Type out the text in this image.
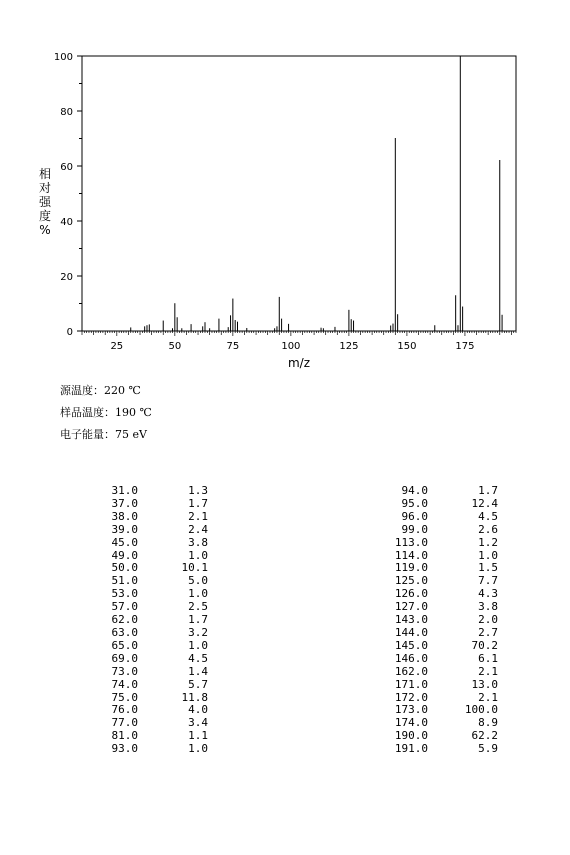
0
20
40
60
80
100
25	50	75	100	125	150	175
m/z
相
对
强
度
%
源温度：220 ℃
样品温度：190 ℃
电子能量：75 eV
31.0	1.3
37.0	1.7
38.0	2.1
39.0	2.4
45.0	3.8
49.0	1.0
50.0	10.1
51.0	5.0
53.0	1.0
57.0	2.5
62.0	1.7
63.0	3.2
65.0	1.0
69.0	4.5
73.0	1.4
74.0	5.7
75.0	11.8
76.0	4.0
77.0	3.4
81.0	1.1
93.0	1.0
94.0	1.7
95.0	12.4
96.0	4.5
99.0	2.6
113.0	1.2
114.0	1.0
119.0	1.5
125.0	7.7
126.0	4.3
127.0	3.8
143.0	2.0
144.0	2.7
145.0	70.2
146.0	6.1
162.0	2.1
171.0	13.0
172.0	2.1
173.0	100.0
174.0	8.9
190.0	62.2
191.0	5.9
